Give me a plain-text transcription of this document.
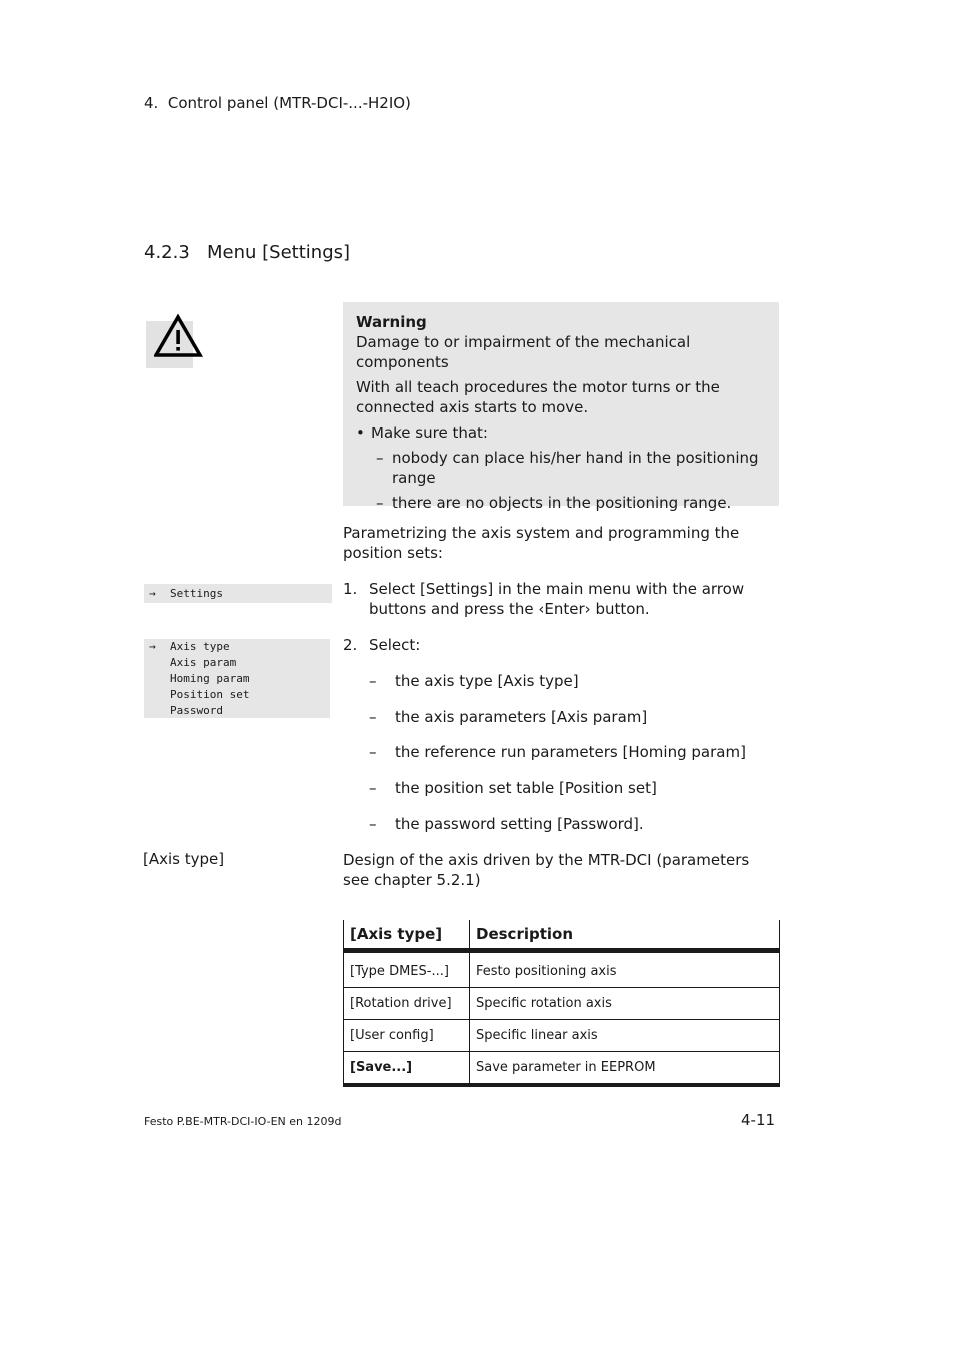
4. Control panel (MTR-DCI-...-H2IO)
4.2.3 Menu [Settings]

Warning

Damage to or impairment of the mechanical components

With all teach procedures the motor turns or the connected axis starts to move.

• Make sure that:

– nobody can place his/her hand in the positioning range

– there are no objects in the positioning range.

Parametrizing the axis system and programming the position sets:
→ Settings
→ Axis type
Axis param
Homing param
Position set
Password
1. Select [Settings] in the main menu with the arrow buttons and press the ‹Enter› button.
2. Select:
–	the axis type [Axis type]
–	the axis parameters [Axis param]
–	the reference run parameters [Homing param]
–	the position set table [Position set]
–	the password setting [Password].
[Axis type]	Design of the axis driven by the MTR-DCI (parameters see chapter 5.2.1)
[Axis type]	Description
[Type DMES-...]	Festo positioning axis
[Rotation drive]	Specific rotation axis
[User config]	Specific linear axis
[Save...]	Save parameter in EEPROM
Festo P.BE-MTR-DCI-IO-EN en 1209d	4-11
